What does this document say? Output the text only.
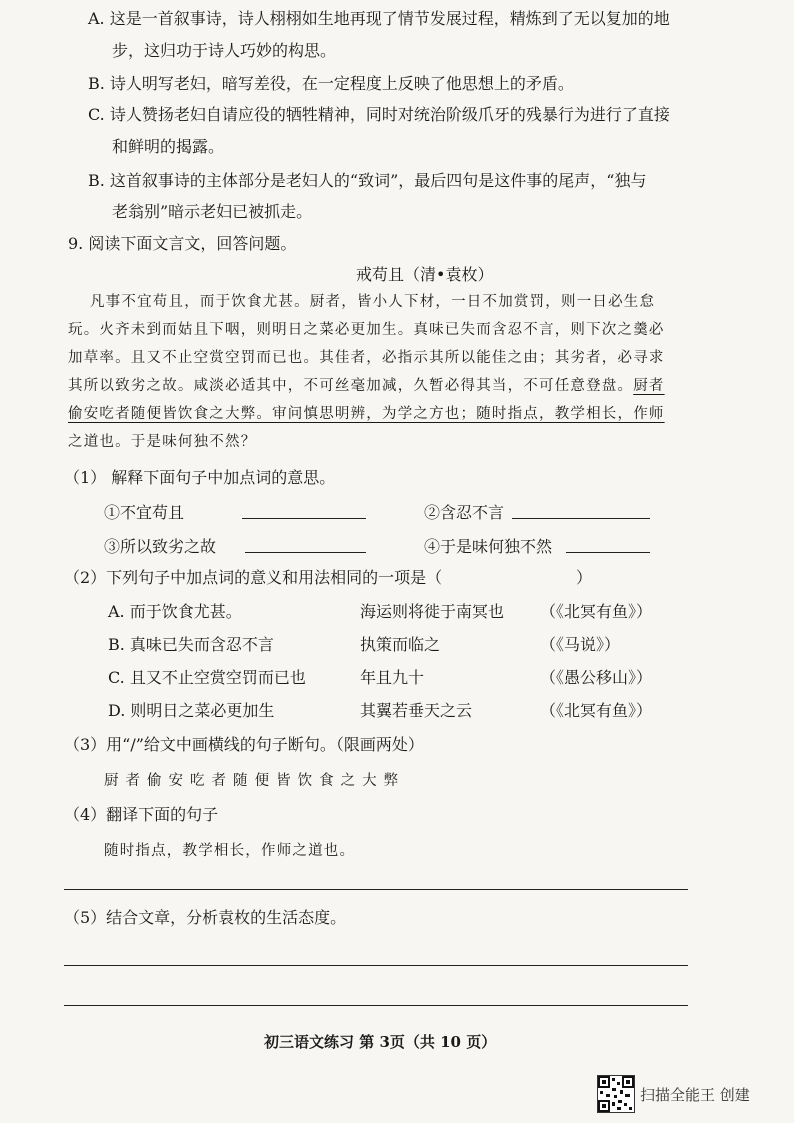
A. 这是一首叙事诗，诗人栩栩如生地再现了情节发展过程，精炼到了无以复加的地
步，这归功于诗人巧妙的构思。
B. 诗人明写老妇，暗写差役，在一定程度上反映了他思想上的矛盾。
C. 诗人赞扬老妇自请应役的牺牲精神，同时对统治阶级爪牙的残暴行为进行了直接
和鲜明的揭露。
B. 这首叙事诗的主体部分是老妇人的“致词”，最后四句是这件事的尾声，“独与
老翁别”暗示老妇已被抓走。
9. 阅读下面文言文，回答问题。
戒苟且（清•袁枚）
凡事不宜苟且，而于饮食尤甚。厨者，皆小人下材，一日不加赏罚，则一日必生怠
玩。火齐未到而姑且下咽，则明日之菜必更加生。真味已失而含忍不言，则下次之羹必
加草率。且又不止空赏空罚而已也。其佳者，必指示其所以能佳之由；其劣者，必寻求
其所以致劣之故。咸淡必适其中，不可丝毫加减，久暂必得其当，不可任意登盘。厨者
偷安吃者随便皆饮食之大弊。审问慎思明辨，为学之方也；随时指点，教学相长，作师
之道也。于是味何独不然？
（1） 解释下面句子中加点词的意思。
①不宜苟且	②含忍不言
③所以致劣之故	④于是味何独不然
（2）下列句子中加点词的意义和用法相同的一项是（	）
A. 而于饮食尤甚。	海运则将徙于南冥也 （《北冥有鱼》）
B. 真味已失而含忍不言	执策而临之	（《马说》）
C. 且又不止空赏空罚而已也	年且九十	（《愚公移山》）
D. 则明日之菜必更加生	其翼若垂天之云	（《北冥有鱼》）
（3）用“/”给文中画横线的句子断句。（限画两处）
厨 者 偷 安 吃 者 随 便 皆 饮 食 之 大 弊
（4）翻译下面的句子
随时指点，教学相长，作师之道也。
（5）结合文章，分析袁枚的生活态度。
初三语文练习 第 3页（共 10 页）
扫描全能王 创建
